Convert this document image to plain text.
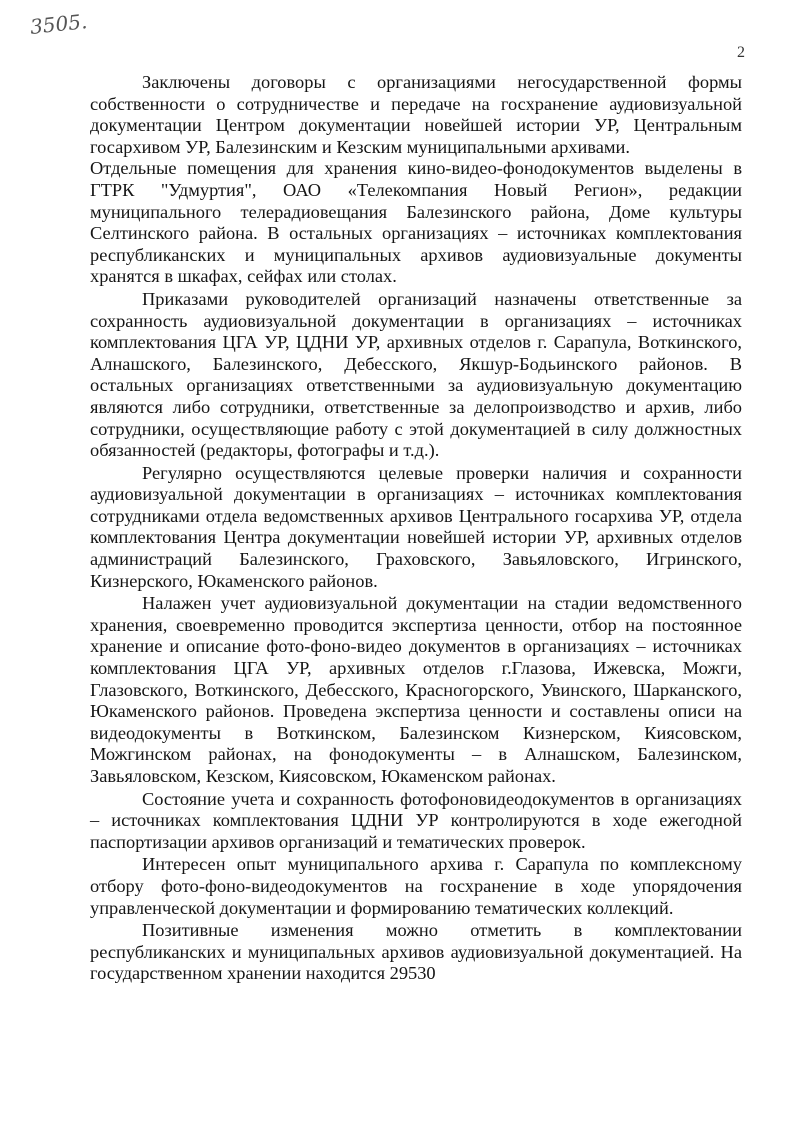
3505.
2

Заключены договоры с организациями негосударственной формы собственности о сотрудничестве и передаче на госхранение аудиовизуальной документации Центром документации новейшей истории УР, Центральным госархивом УР, Балезинским и Кезским муниципальными архивами.

Отдельные помещения для хранения кино-видео-фонодокументов выделены в ГТРК "Удмуртия", ОАО «Телекомпания Новый Регион», редакции муниципального телерадиовещания Балезинского района, Доме культуры Селтинского района. В остальных организациях – источниках комплектования республиканских и муниципальных архивов аудиовизуальные документы хранятся в шкафах, сейфах или столах.

Приказами руководителей организаций назначены ответственные за сохранность аудиовизуальной документации в организациях – источниках комплектования ЦГА УР, ЦДНИ УР, архивных отделов г. Сарапула, Воткинского, Алнашского, Балезинского, Дебесского, Якшур-Бодьинского районов. В остальных организациях ответственными за аудиовизуальную документацию являются либо сотрудники, ответственные за делопроизводство и архив, либо сотрудники, осуществляющие работу с этой документацией в силу должностных обязанностей (редакторы, фотографы и т.д.).

Регулярно осуществляются целевые проверки наличия и сохранности аудиовизуальной документации в организациях – источниках комплектования сотрудниками отдела ведомственных архивов Центрального госархива УР, отдела комплектования Центра документации новейшей истории УР, архивных отделов администраций Балезинского, Граховского, Завьяловского, Игринского, Кизнерского, Юкаменского районов.

Налажен учет аудиовизуальной документации на стадии ведомственного хранения, своевременно проводится экспертиза ценности, отбор на постоянное хранение и описание фото-фоно-видео документов в организациях – источниках комплектования ЦГА УР, архивных отделов г.Глазова, Ижевска, Можги, Глазовского, Воткинского, Дебесского, Красногорского, Увинского, Шарканского, Юкаменского районов. Проведена экспертиза ценности и составлены описи на видеодокументы в Воткинском, Балезинском Кизнерском, Киясовском, Можгинском районах, на фонодокументы – в Алнашском, Балезинском, Завьяловском, Кезском, Киясовском, Юкаменском районах.

Состояние учета и сохранность фотофоновидеодокументов в организациях – источниках комплектования ЦДНИ УР контролируются в ходе ежегодной паспортизации архивов организаций и тематических проверок.

Интересен опыт муниципального архива г. Сарапула по комплексному отбору фото-фоно-видеодокументов на госхранение в ходе упорядочения управленческой документации и формированию тематических коллекций.

Позитивные изменения можно отметить в комплектовании республиканских и муниципальных архивов аудиовизуальной документацией. На государственном хранении находится 29530
